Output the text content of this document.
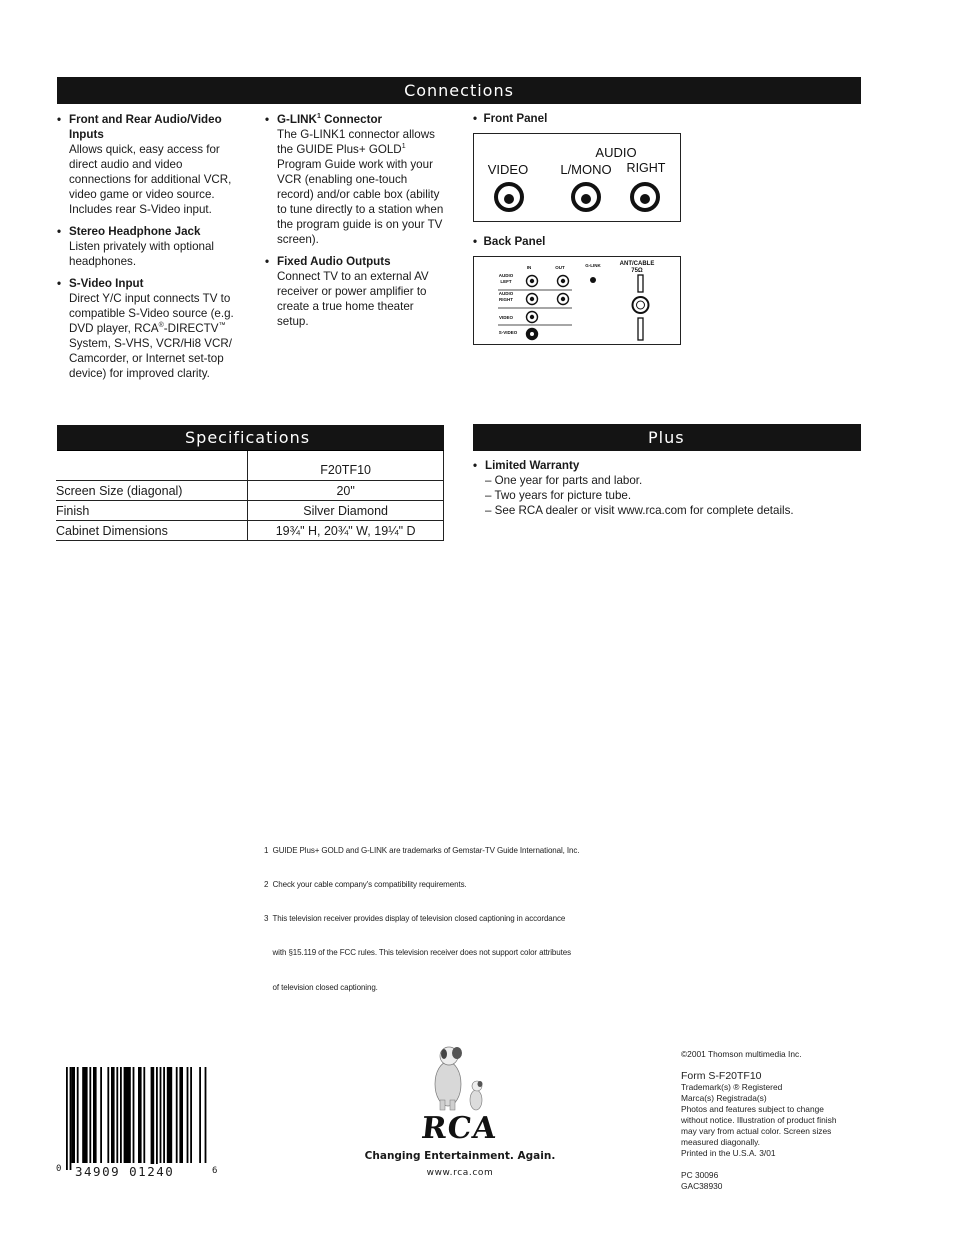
Connections
• Front and Rear Audio/Video Inputs
Allows quick, easy access for direct audio and video connections for additional VCR, video game or video source. Includes rear S-Video input.
• Stereo Headphone Jack
Listen privately with optional headphones.
• S-Video Input
Direct Y/C input connects TV to compatible S-Video source (e.g. DVD player, RCA®-DIRECTV™ System, S-VHS, VCR/Hi8 VCR/ Camcorder, or Internet set-top device) for improved clarity.
• G-LINK$^1$ Connector
The G-LINK1 connector allows the GUIDE Plus+ $GOLD^1$ Program Guide work with your VCR (enabling one-touch record) and/or cable box (ability to tune directly to a station when the program guide is on your TV screen).
• Fixed Audio Outputs
Connect TV to an external AV receiver or power amplifier to create a true home theater setup.
•  Front Panel
AUDIO
VIDEO L/MONO RIGHT
•  Back Panel
IN	OUT	G-LINK	ANT/CABLE
75Ω
AUDIO
LEFT
AUDIO
RIGHT
VIDEO
S-VIDEO
Specifications
	F20TF10
Screen Size (diagonal)	20"
Finish	Silver Diamond
Cabinet Dimensions	19¾" H, 20¾" W, 19¼" D
Plus
• Limited Warranty
– One year for parts and labor.
– Two years for picture tube.
– See RCA dealer or visit www.rca.com for complete details.

1  GUIDE Plus+ GOLD and G-LINK are trademarks of Gemstar-TV Guide International, Inc.

2  Check your cable company's compatibility requirements.

3  This television receiver provides display of television closed captioning in accordance

with §15.119 of the FCC rules. This television receiver does not support color attributes

of television closed captioning.

0 34909 01240	6
RCA
Changing Entertainment. Again.
www.rca.com
©2001 Thomson multimedia Inc.
Form S-F20TF10
Trademark(s) ® Registered
Marca(s) Registrada(s)
Photos and features subject to change
without notice. Illustration of product finish
may vary from actual color. Screen sizes
measured diagonally.
Printed in the U.S.A. 3/01
PC 30096
GAC38930
